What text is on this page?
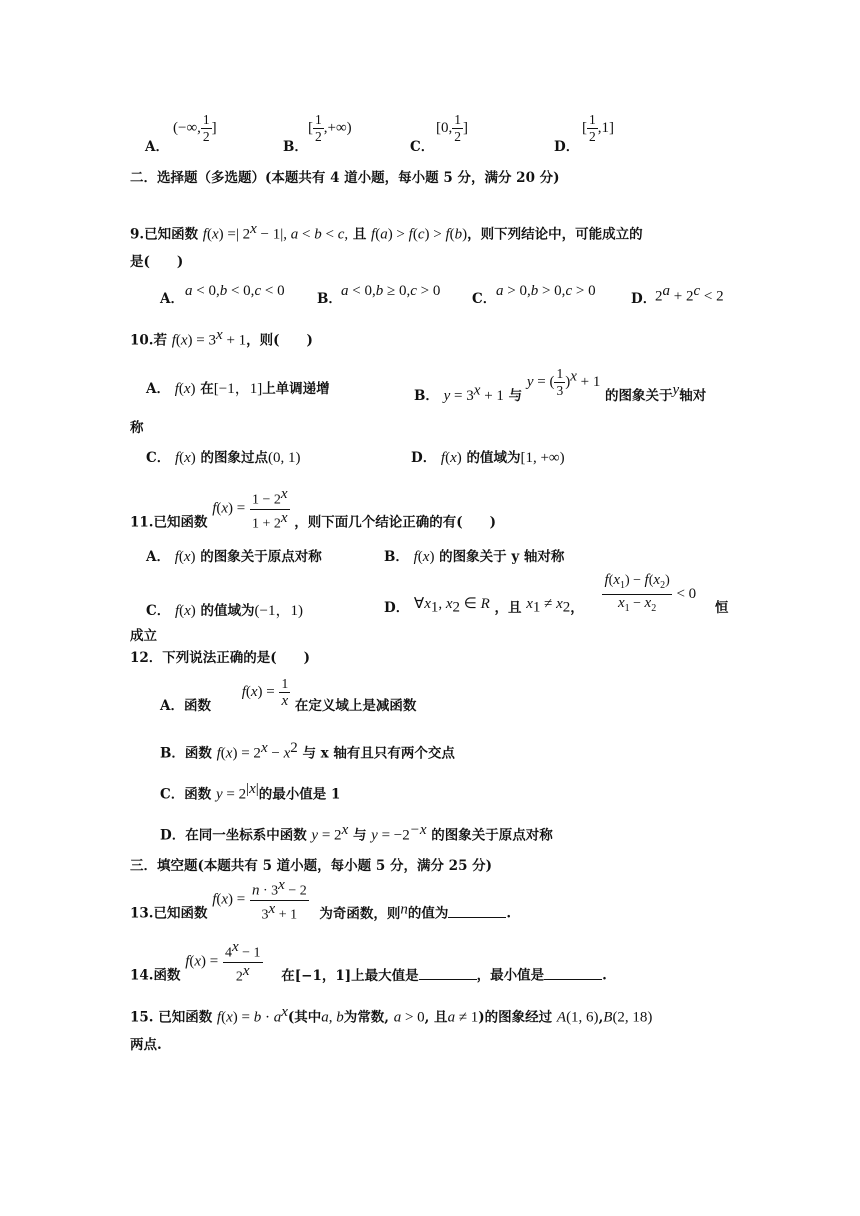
A．
(−∞, $\frac{1}{2}$ ]
B．
[ $\frac{1}{2}$ ,+∞)
C．
[0, $\frac{1}{2}$ ]
D．
[ $\frac{1}{2} ,1$]
二．选择题（多选题）(本题共有 4 道小题，每小题 5 分，满分 20 分)
9.已知函数 f(x) =| $2^x - 1|$, a < b < c, 且 f(a) > f(c) > f(b)，则下列结论中，可能成立的
是(　　)
A． a < 0,b < 0,c < 0 B． a < 0,b ≥ 0,c > 0 C． a > 0,b > 0,c > 0	D．
$2^a + 2^c < 2$
10.若 $f(x) = 3^x + 1$，则(　　)
A． f(x) 在[−1，1]上单调递增	B． $y = 3^x + 1$ 与 y = ( $\frac{1}{3} )^x + 1$ 的图象关于y轴对
称
C． f(x) 的图象过点(0, 1)	D． f(x) 的值域为[1, +∞)
11.已知函数 $f(x) = \frac{1 - 2^x}{1 + 2^x}$ ，则下面几个结论正确的有(　　)
A． f(x) 的图象关于原点对称	B． f(x) 的图象关于 y 轴对称
C． f(x) 的值域为(−1，1)	D． $\forall x_1$, $x_2$ ∈ R ，且 $x_1 \ne x_2$， $\frac{f(x_1) - f(x_2)}{x_1 - x_2} < 0$ 恒
成立
12．下列说法正确的是(　　)
A．函数 $f(x) = \frac{1}{x}$ 在定义域上是减函数
B．函数 $f(x) = 2^x - x^2$ 与 x 轴有且只有两个交点
C．函数 $y = 2^{|x|}$的最小值是 1
D．在同一坐标系中函数 $y = 2^x$ 与 $y = -2^{-x}$ 的图象关于原点对称
三．填空题(本题共有 5 道小题，每小题 5 分，满分 25 分)
13.已知函数 $f(x) = \frac{n \cdot 3^x - 2}{3^x + 1}$ 为奇函数，则n的值为	.
14.函数 $f(x) = \frac{4^x - 1}{2^x}$ 在[−1，1]上最大值是	，最小值是	.
15. 已知函数 $f(x) = b \cdot a^x$(其中a, b为常数, a > 0, 且a ≠ 1)的图象经过 A(1, 6),B(2, 18)
两点.
